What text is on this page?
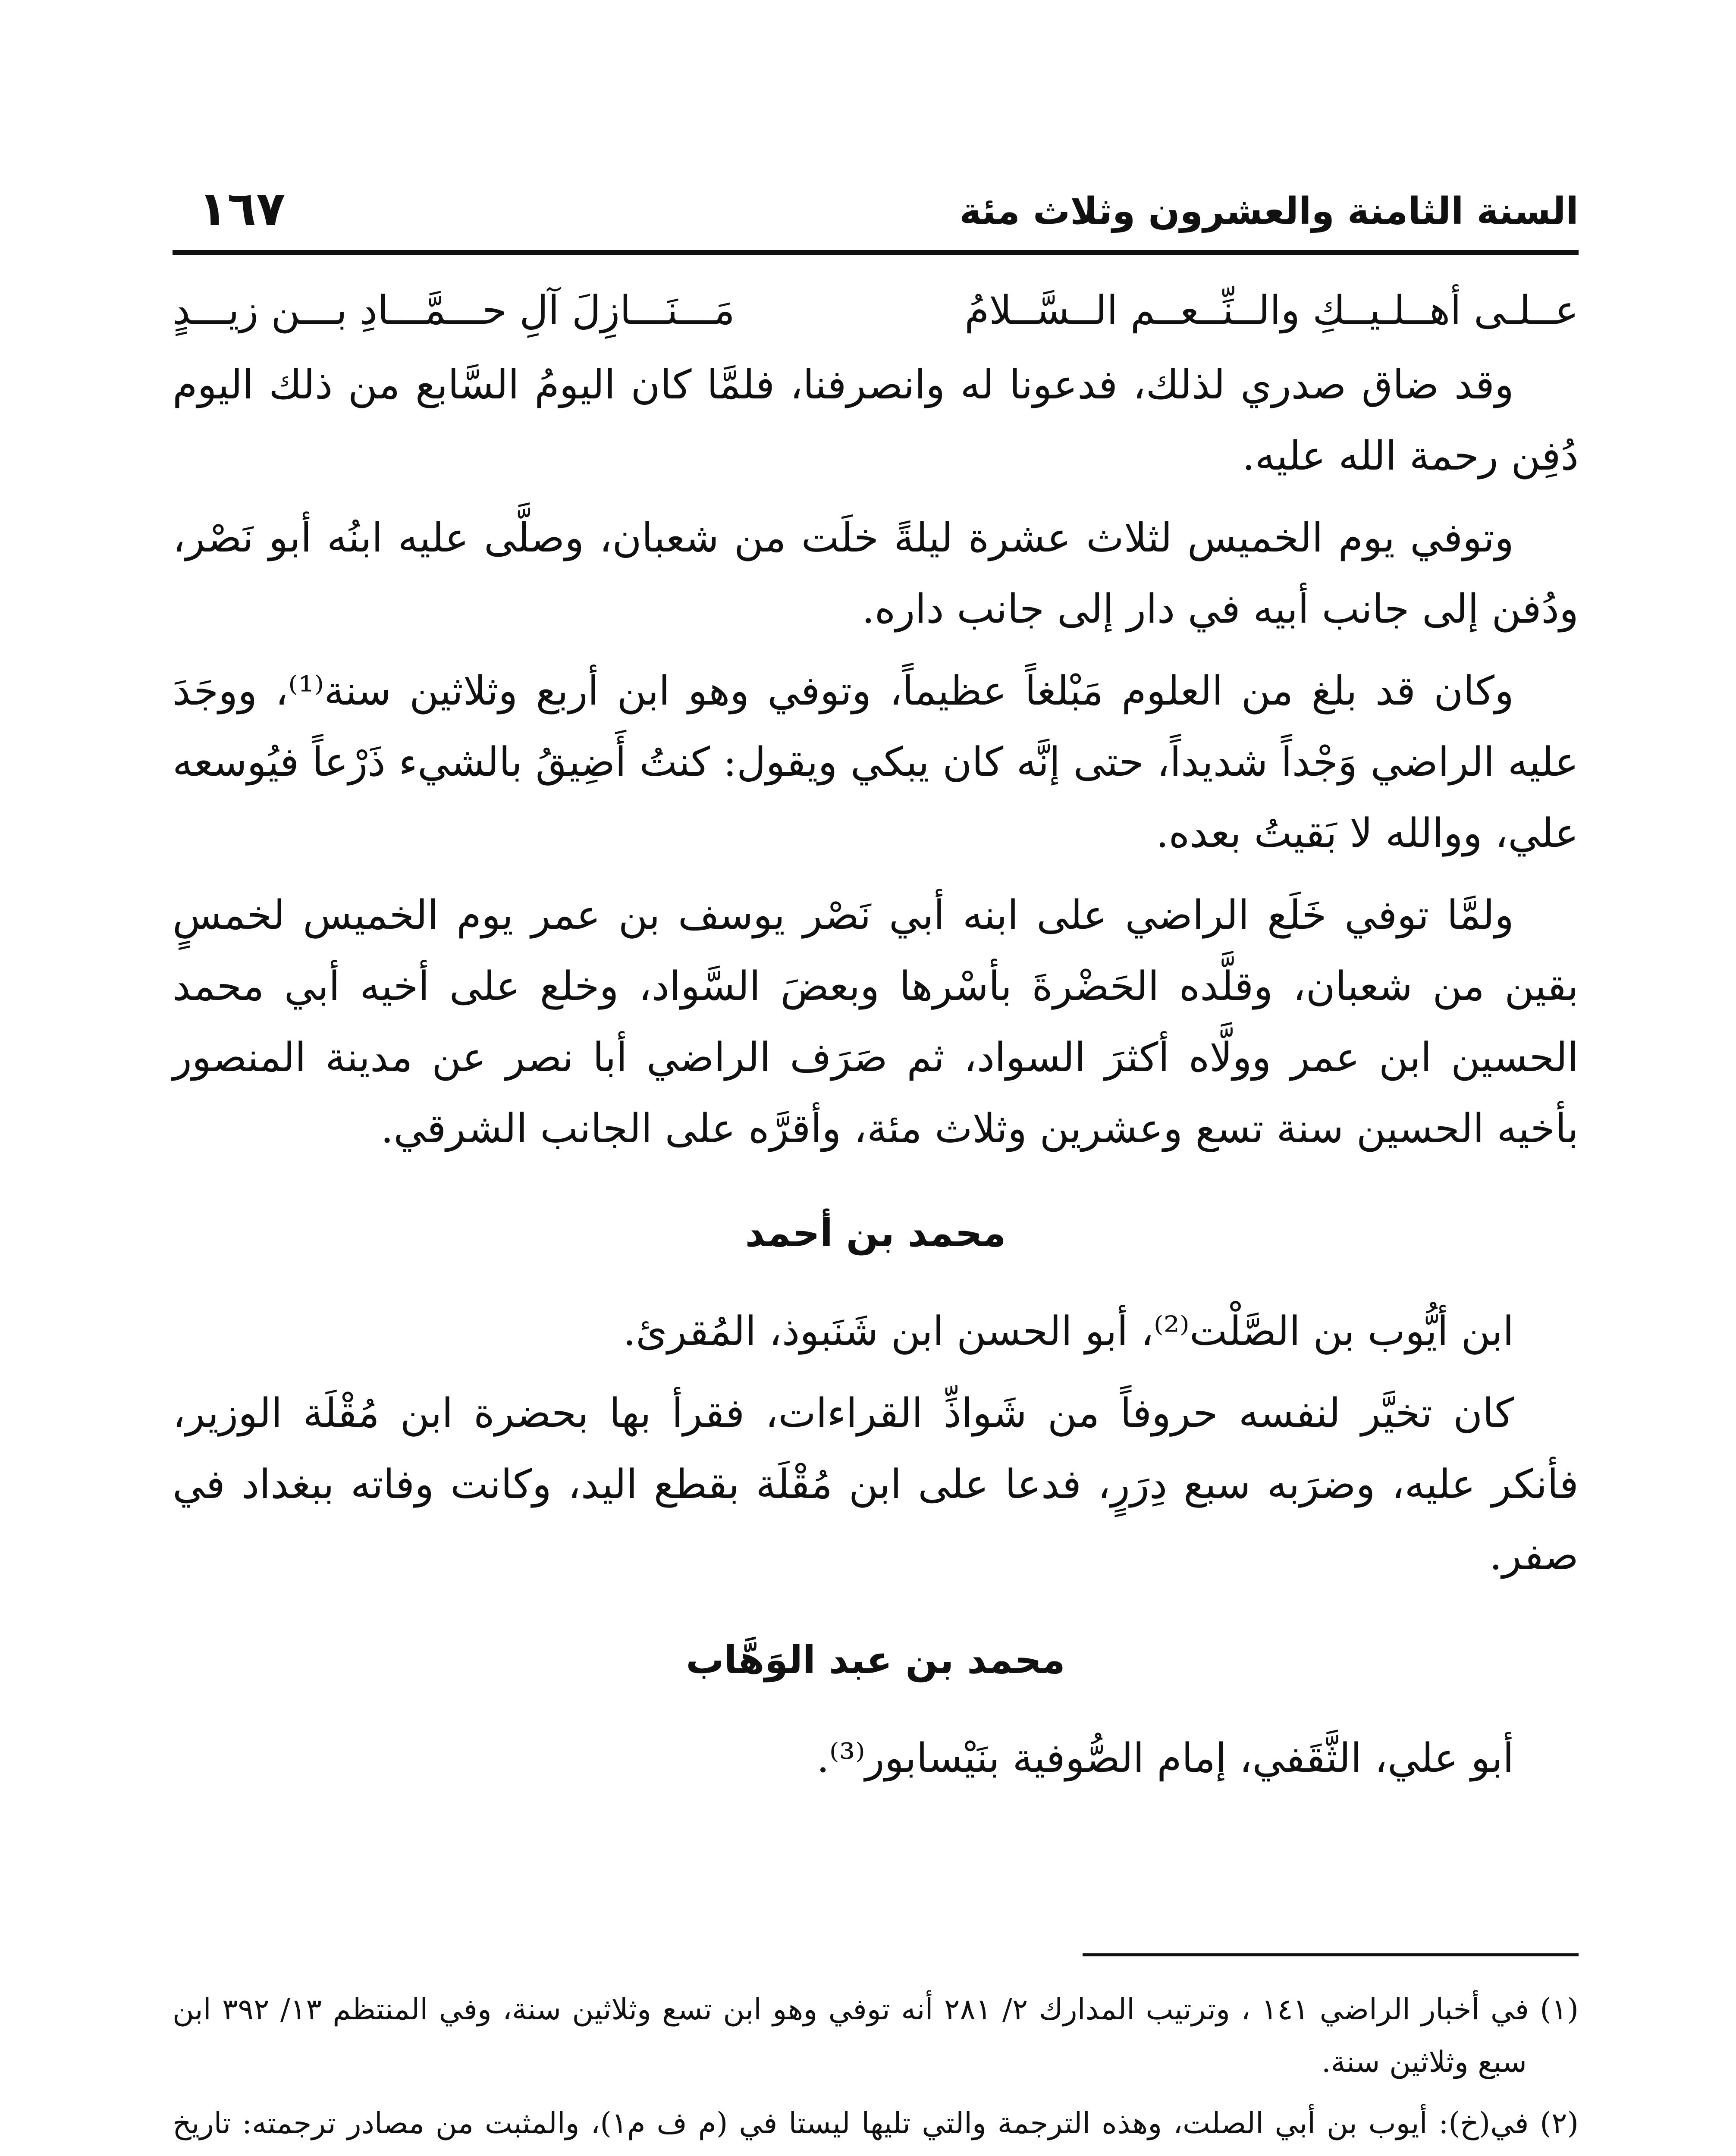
السنة الثامنة والعشرون وثلاث مئة
١٦٧
عــلـى أهــلـيــكِ والــنِّــعــم الــسَّــلامُ
مَـــنَـــازِلَ آلِ حـــمَّـــادِ بـــن زيـــدٍ

وقد ضاق صدري لذلك، فدعونا له وانصرفنا، فلمَّا كان اليومُ السَّابع من ذلك اليوم دُفِن رحمة الله عليه.

وتوفي يوم الخميس لثلاث عشرة ليلةً خلَت من شعبان، وصلَّى عليه ابنُه أبو نَصْر، ودُفن إلى جانب أبيه في دار إلى جانب داره.

وكان قد بلغ من العلوم مَبْلغاً عظيماً، وتوفي وهو ابن أربع وثلاثين سنة⁽¹⁾، ووجَدَ عليه الراضي وَجْداً شديداً، حتى إنَّه كان يبكي ويقول: كنتُ أَضِيقُ بالشيء ذَرْعاً فيُوسعه علي، ووالله لا بَقيتُ بعده.

ولمَّا توفي خَلَع الراضي على ابنه أبي نَصْر يوسف بن عمر يوم الخميس لخمسٍ بقين من شعبان، وقلَّده الحَضْرةَ بأسْرها وبعضَ السَّواد، وخلع على أخيه أبي محمد الحسين ابن عمر وولَّاه أكثرَ السواد، ثم صَرَف الراضي أبا نصر عن مدينة المنصور بأخيه الحسين سنة تسع وعشرين وثلاث مئة، وأقرَّه على الجانب الشرقي.

محمد بن أحمد

ابن أيُّوب بن الصَّلْت⁽²⁾، أبو الحسن ابن شَنَبوذ، المُقرئ.

كان تخيَّر لنفسه حروفاً من شَواذِّ القراءات، فقرأ بها بحضرة ابن مُقْلَة الوزير، فأنكر عليه، وضرَبه سبع دِرَرٍ، فدعا على ابن مُقْلَة بقطع اليد، وكانت وفاته ببغداد في صفر.

محمد بن عبد الوَهَّاب

أبو علي، الثَّقَفي، إمام الصُّوفية بنَيْسابور⁽³⁾.

(١) في أخبار الراضي ١٤١ ، وترتيب المدارك ٢/ ٢٨١ أنه توفي وهو ابن تسع وثلاثين سنة، وفي المنتظم ١٣/ ٣٩٢ ابن سبع وثلاثين سنة.

(٢) في(خ): أيوب بن أبي الصلت، وهذه الترجمة والتي تليها ليستا في (م ف م١)، والمثبت من مصادر ترجمته: تاريخ
